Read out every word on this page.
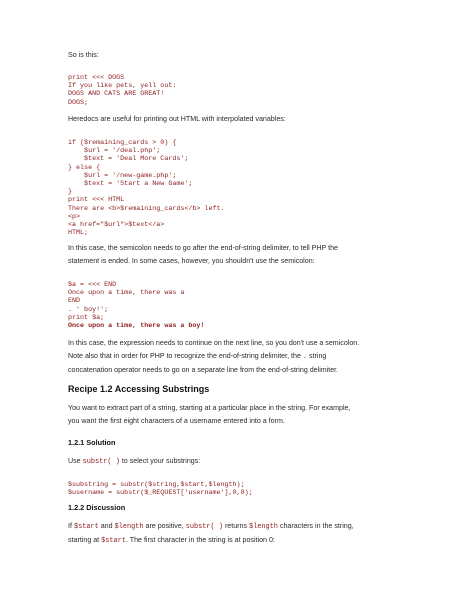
So is this:
print <<< DOGS
If you like pets, yell out:
DOGS AND CATS ARE GREAT!
DOGS;
Heredocs are useful for printing out HTML with interpolated variables:
if ($remaining_cards > 0) {
$url = '/deal.php';
$text = 'Deal More Cards';
} else {
$url = '/new-game.php';
$text = 'Start a New Game';
}
print <<< HTML
There are <b>$remaining_cards</b> left.
<p>
<a href="$url">$text</a>
HTML;
In this case, the semicolon needs to go after the end-of-string delimiter, to tell PHP the
statement is ended. In some cases, however, you shouldn't use the semicolon:
$a = <<< END
Once upon a time, there was a
END
. ' boy!';
print $a;
Once upon a time, there was a boy!
In this case, the expression needs to continue on the next line, so you don't use a semicolon.
Note also that in order for PHP to recognize the end-of-string delimiter, the . string
concatenation operator needs to go on a separate line from the end-of-string delimiter.
Recipe 1.2 Accessing Substrings
You want to extract part of a string, starting at a particular place in the string. For example,
you want the first eight characters of a username entered into a form.
1.2.1 Solution
Use substr( ) to select your substrings:
$substring = substr($string,$start,$length);
$username = substr($_REQUEST['username'],0,8);
1.2.2 Discussion
If $start and $length are positive, substr( ) returns $length characters in the string,
starting at $start. The first character in the string is at position 0:
